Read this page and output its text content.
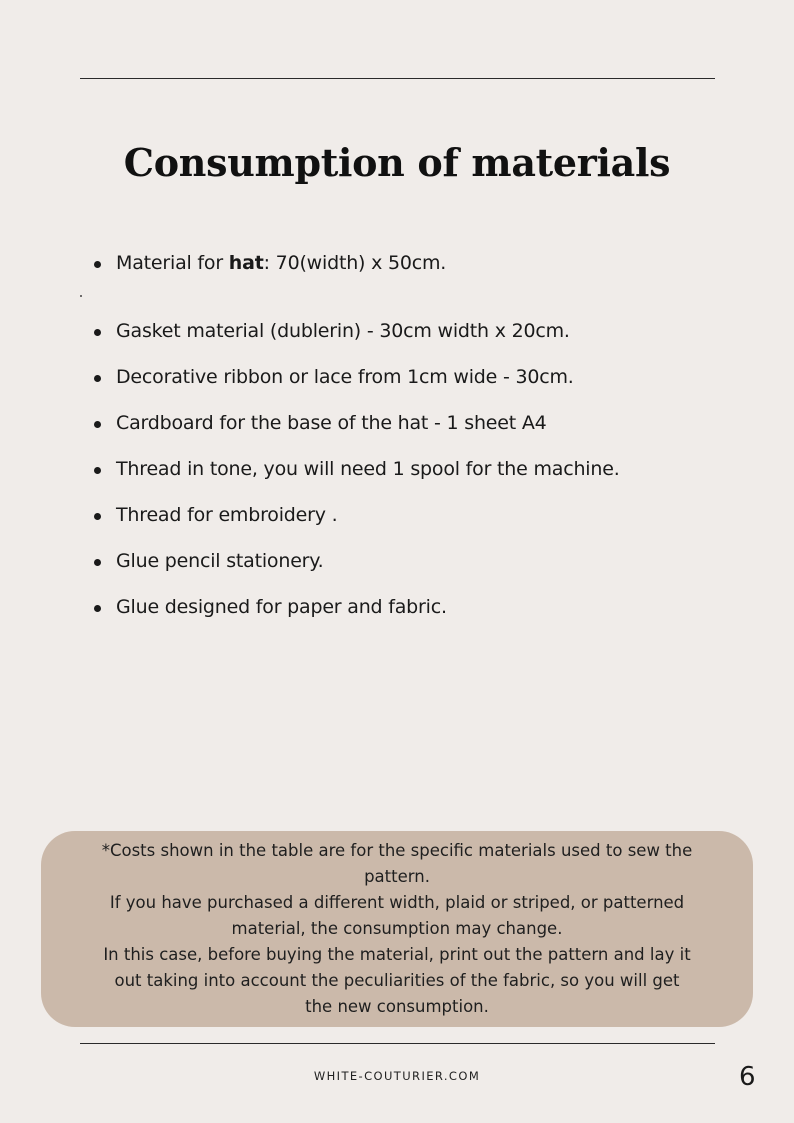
Consumption of materials
Material for hat: 70(width) x 50cm.
Gasket material (dublerin) - 30cm width x 20cm.
Decorative ribbon or lace from 1cm wide - 30cm.
Cardboard for the base of the hat - 1 sheet A4
Thread in tone, you will need 1 spool for the machine.
Thread for embroidery .
Glue pencil stationery.
Glue designed for paper and fabric.
*Costs shown in the table are for the specific materials used to sew the
pattern.
If you have purchased a different width, plaid or striped, or patterned
material, the consumption may change.
In this case, before buying the material, print out the pattern and lay it
out taking into account the peculiarities of the fabric, so you will get
the new consumption.
WHITE-COUTURIER.COM	6
